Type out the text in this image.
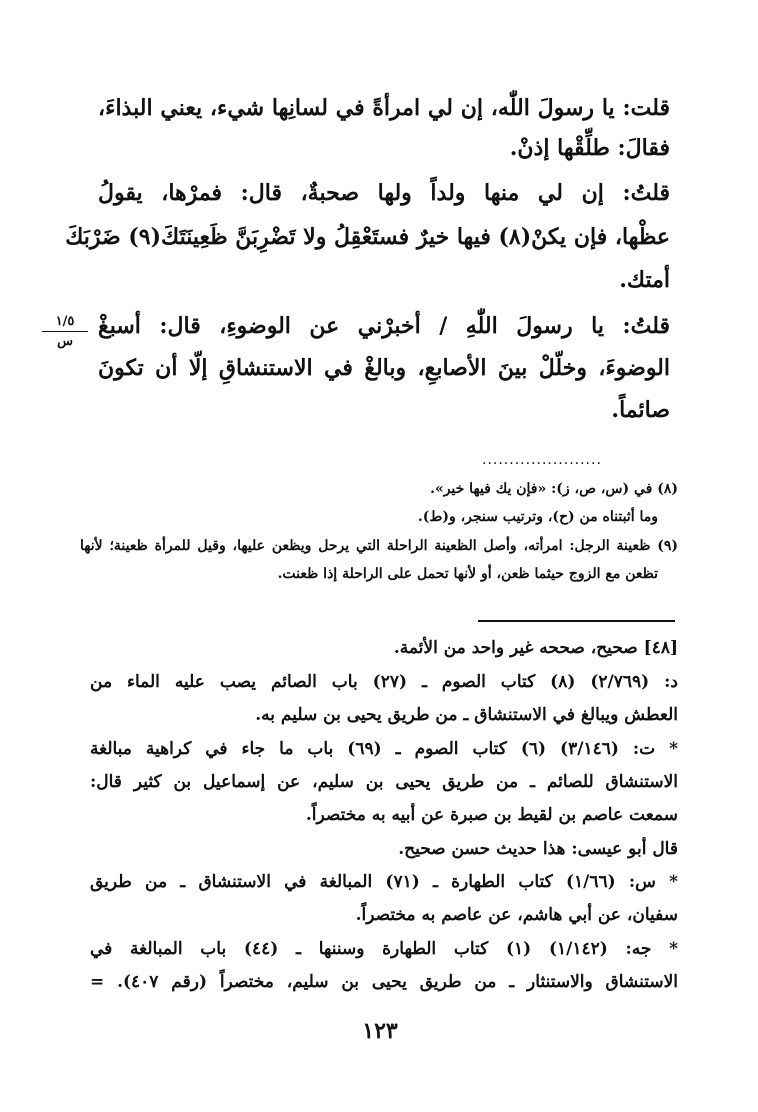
قلت: يا رسولَ اللّٰه، إن لي امرأةً في لسانِها شيء، يعني البذاءَ،
فقالَ: طلِّقْها إذنْ.
قلتُ: إن لي منها ولداً ولها صحبةٌ، قال: فمرْها، يقولُ
عظْها، فإن يكنْ(٨) فيها خيرٌ فستَعْقِلُ ولا تَضْرِبَنَّ ظَعِينَتَكَ(٩) ضَرْبَكَ
أمتك.
قلتُ: يا رسولَ اللّٰهِ / أخبرْني عن الوضوءِ، قال: أسبغْ
الوضوءَ، وخلّلْ بينَ الأصابعِ، وبالغْ في الاستنشاقِ إلّا أن تكونَ
صائماً.
١/٥
س
......................
(٨) في (س، ص، ز): «فإن يك فيها خير».
وما أثبتناه من (ح)، وترتيب سنجر، و(ط).
(٩) ظعينة الرجل: امرأته، وأصل الظعينة الراحلة التي يرحل ويظعن عليها، وقيل للمرأة ظعينة؛ لأنها
تظعن مع الزوج حيثما ظعن، أو لأنها تحمل على الراحلة إذا ظعنت.
[٤٨] صحيح، صححه غير واحد من الأئمة.
د: (٢/٧٦٩) (٨) كتاب الصوم ـ (٢٧) باب الصائم يصب عليه الماء من
العطش ويبالغ في الاستنشاق ـ من طريق يحيى بن سليم به.
* ت: (٣/١٤٦) (٦) كتاب الصوم ـ (٦٩) باب ما جاء في كراهية مبالغة
الاستنشاق للصائم ـ من طريق يحيى بن سليم، عن إسماعيل بن كثير قال:
سمعت عاصم بن لقيط بن صبرة عن أبيه به مختصراً.
قال أبو عيسى: هذا حديث حسن صحيح.
* س: (١/٦٦) كتاب الطهارة ـ (٧١) المبالغة في الاستنشاق ـ من طريق
سفيان، عن أبي هاشم، عن عاصم به مختصراً.
* جه: (١/١٤٢) (١) كتاب الطهارة وسننها ـ (٤٤) باب المبالغة في
الاستنشاق والاستنثار ـ من طريق يحيى بن سليم، مختصراً (رقم ٤٠٧). =
١٢٣
